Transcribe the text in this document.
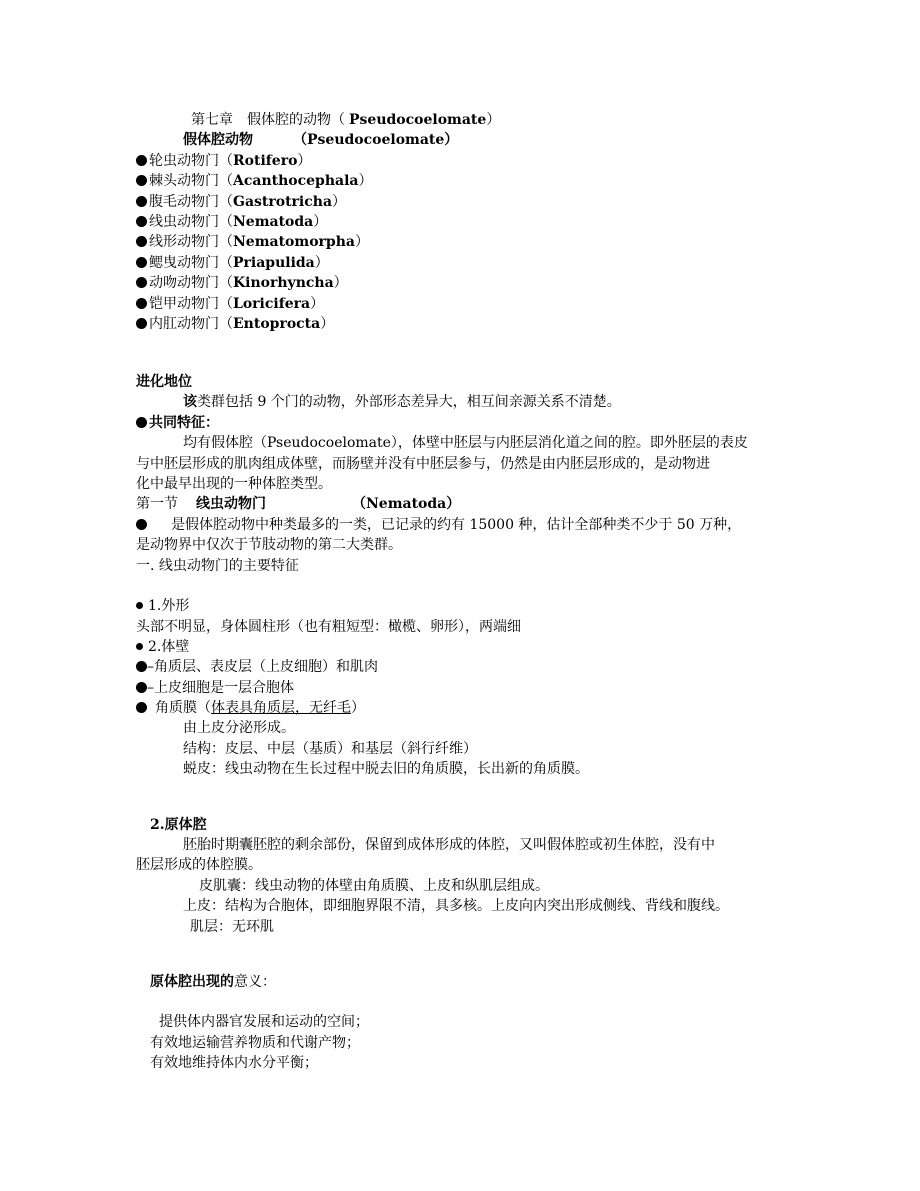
第七章　假体腔的动物（ Pseudocoelomate）
假体腔动物	（Pseudocoelomate）
轮虫动物门（Rotifero）
棘头动物门（Acanthocephala）
腹毛动物门（Gastrotricha）
线虫动物门（Nematoda）
线形动物门（Nematomorpha）
鳃曳动物门（Priapulida）
动吻动物门（Kinorhyncha）
铠甲动物门（Loricifera）
内肛动物门（Entoprocta）
进化地位
该类群包括 9 个门的动物，外部形态差异大，相互间亲源关系不清楚。
共同特征：
均有假体腔（Pseudocoelomate），体壁中胚层与内胚层消化道之间的腔。即外胚层的表皮
与中胚层形成的肌肉组成体壁，而肠壁并没有中胚层参与，仍然是由内胚层形成的，是动物进
化中最早出现的一种体腔类型。
第一节 线虫动物门	（Nematoda）
是假体腔动物中种类最多的一类，已记录的约有 15000 种，估计全部种类不少于 50 万种，
是动物界中仅次于节肢动物的第二大类群。
一. 线虫动物门的主要特征
1.外形
头部不明显，身体圆柱形（也有粗短型：橄榄、卵形），两端细
2.体壁
–角质层、表皮层（上皮细胞）和肌肉
–上皮细胞是一层合胞体
角质膜（体表具角质层，无纤毛）
由上皮分泌形成。
结构：皮层、中层（基质）和基层（斜行纤维）
蜕皮：线虫动物在生长过程中脱去旧的角质膜，长出新的角质膜。
2.原体腔
胚胎时期囊胚腔的剩余部份，保留到成体形成的体腔，又叫假体腔或初生体腔，没有中
胚层形成的体腔膜。
皮肌囊：线虫动物的体壁由角质膜、上皮和纵肌层组成。
上皮：结构为合胞体，即细胞界限不清，具多核。上皮向内突出形成侧线、背线和腹线。
肌层：无环肌
原体腔出现的意义：
提供体内器官发展和运动的空间；
有效地运输营养物质和代谢产物；
有效地维持体内水分平衡；
